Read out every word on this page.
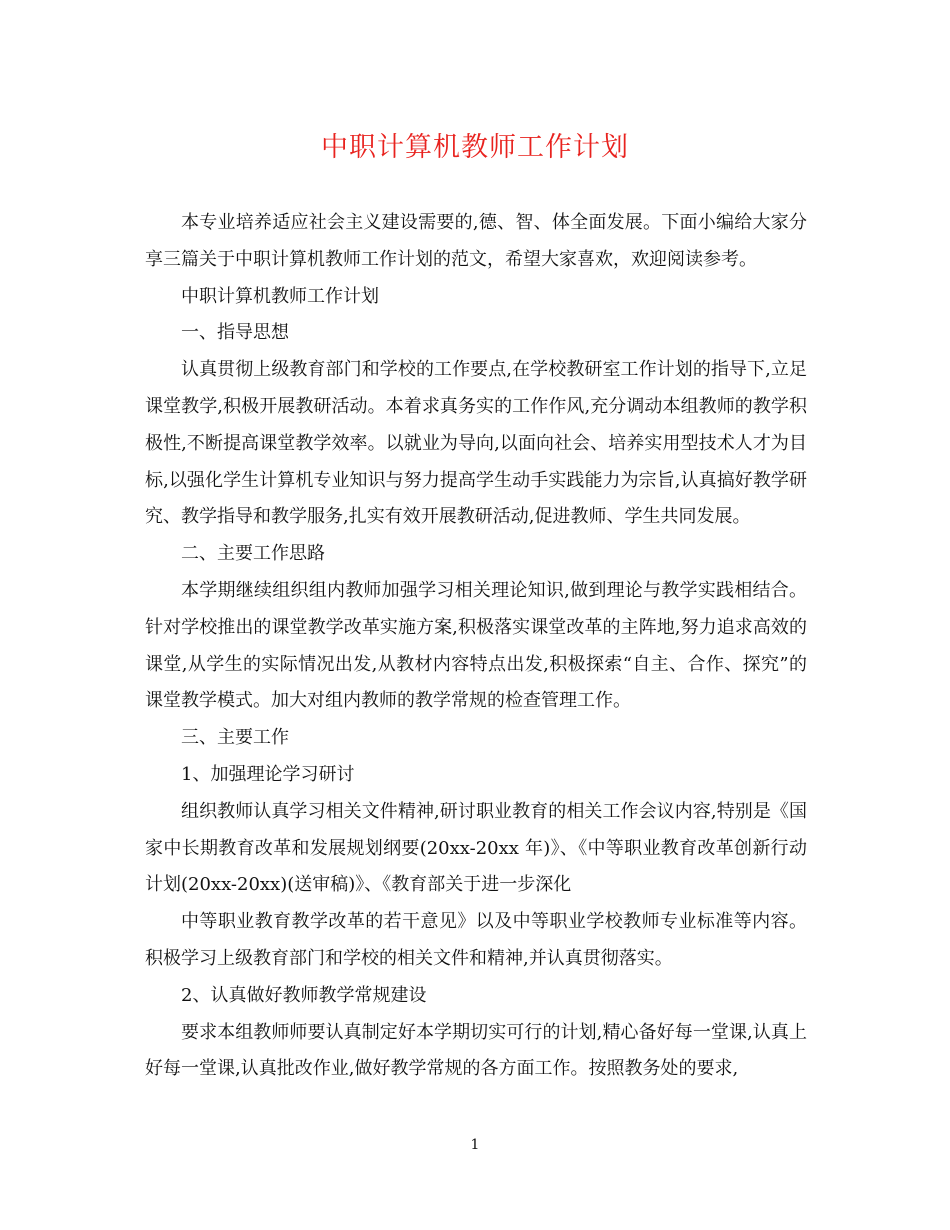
中职计算机教师工作计划

本专业培养适应社会主义建设需要的,德、智、体全面发展。下面小编给大家分享三篇关于中职计算机教师工作计划的范文，希望大家喜欢，欢迎阅读参考。

中职计算机教师工作计划

一、指导思想

认真贯彻上级教育部门和学校的工作要点,在学校教研室工作计划的指导下,立足课堂教学,积极开展教研活动。本着求真务实的工作作风,充分调动本组教师的教学积极性,不断提高课堂教学效率。以就业为导向,以面向社会、培养实用型技术人才为目标,以强化学生计算机专业知识与努力提高学生动手实践能力为宗旨,认真搞好教学研究、教学指导和教学服务,扎实有效开展教研活动,促进教师、学生共同发展。

二、主要工作思路

本学期继续组织组内教师加强学习相关理论知识,做到理论与教学实践相结合。针对学校推出的课堂教学改革实施方案,积极落实课堂改革的主阵地,努力追求高效的课堂,从学生的实际情况出发,从教材内容特点出发,积极探索“自主、合作、探究”的课堂教学模式。加大对组内教师的教学常规的检查管理工作。

三、主要工作

1、加强理论学习研讨

组织教师认真学习相关文件精神,研讨职业教育的相关工作会议内容,特别是《国家中长期教育改革和发展规划纲要(20xx-20xx 年)》、《中等职业教育改革创新行动计划(20xx-20xx)(送审稿)》、《教育部关于进一步深化

中等职业教育教学改革的若干意见》以及中等职业学校教师专业标准等内容。积极学习上级教育部门和学校的相关文件和精神,并认真贯彻落实。

2、认真做好教师教学常规建设

要求本组教师师要认真制定好本学期切实可行的计划,精心备好每一堂课,认真上好每一堂课,认真批改作业,做好教学常规的各方面工作。按照教务处的要求,

1
